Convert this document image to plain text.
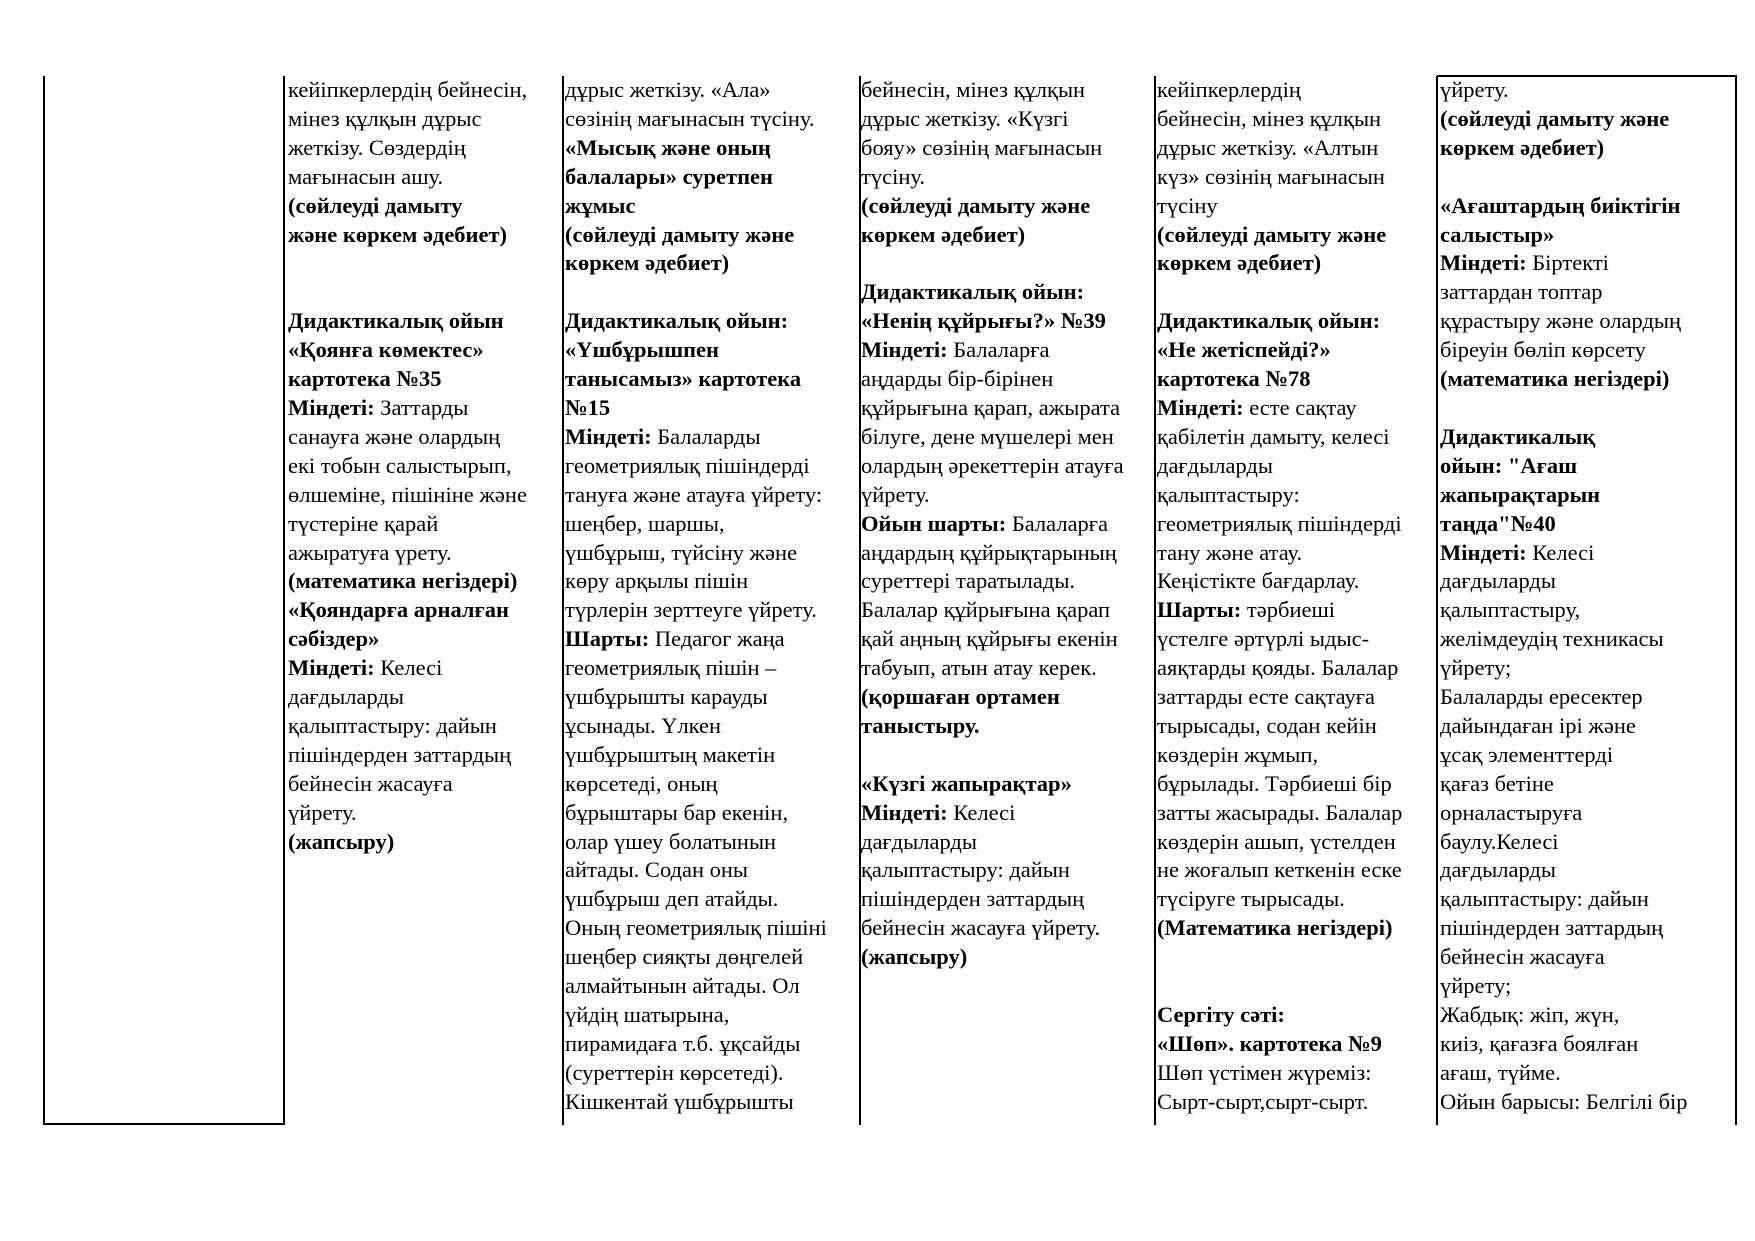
кейіпкерлердің бейнесін,
мінез құлқын дұрыс
жеткізу. Сөздердің
мағынасын ашу.
(сөйлеуді дамыту
және көркем әдебиет)

Дидактикалық ойын
«Қоянға көмектес»
картотека №35
Міндеті: Заттарды
санауға және олардың
екі тобын салыстырып,
өлшеміне, пішініне және
түстеріне қарай
ажыратуға үрету.
(математика негіздері)
«Қояндарға арналған
сәбіздер»
Міндеті: Келесі
дағдыларды
қалыптастыру: дайын
пішіндерден заттардың
бейнесін жасауға
үйрету.
(жапсыру)
дұрыс жеткізу. «Ала»
сөзінің мағынасын түсіну.
«Мысық және оның
балалары» суретпен
жұмыс
(сөйлеуді дамыту және
көркем әдебиет)

Дидактикалық ойын:
«Үшбұрышпен
танысамыз» картотека
№15
Міндеті: Балаларды
геометриялық пішіндерді
тануға және атауға үйрету:
шеңбер, шаршы,
үшбұрыш, түйсіну және
көру арқылы пішін
түрлерін зерттеуге үйрету.
Шарты: Педагог жаңа
геометриялық пішін –
үшбұрышты карауды
ұсынады. Үлкен
үшбұрыштың макетін
көрсетеді, оның
бұрыштары бар екенін,
олар үшеу болатынын
айтады. Содан оны
үшбұрыш деп атайды.
Оның геометриялық пішіні
шеңбер сияқты дөңгелей
алмайтынын айтады. Ол
үйдің шатырына,
пирамидаға т.б. ұқсайды
(суреттерін көрсетеді).
Кішкентай үшбұрышты
бейнесін, мінез құлқын
дұрыс жеткізу. «Күзгі
бояу» сөзінің мағынасын
түсіну.
(сөйлеуді дамыту және
көркем әдебиет)

Дидактикалық ойын:
«Ненің құйрығы?» №39
Міндеті: Балаларға
аңдарды бір-бірінен
құйрығына қарап, ажырата
білуге, дене мүшелері мен
олардың әрекеттерін атауға
үйрету.
Ойын шарты: Балаларға
аңдардың құйрықтарының
суреттері таратылады.
Балалар құйрығына қарап
қай аңның құйрығы екенін
табуып, атын атау керек.
(қоршаған ортамен
таныстыру.

«Күзгі жапырақтар»
Міндеті: Келесі
дағдыларды
қалыптастыру: дайын
пішіндерден заттардың
бейнесін жасауға үйрету.
(жапсыру)
кейіпкерлердің
бейнесін, мінез құлқын
дұрыс жеткізу. «Алтын
күз» сөзінің мағынасын
түсіну
(сөйлеуді дамыту және
көркем әдебиет)

Дидактикалық ойын:
«Не жетіспейді?»
картотека №78
Міндеті: есте сақтау
қабілетін дамыту, келесі
дағдыларды
қалыптастыру:
геометриялық пішіндерді
тану және атау.
Кеңістікте бағдарлау.
Шарты: тәрбиеші
үстелге әртүрлі ыдыс-
аяқтарды қояды. Балалар
заттарды есте сақтауға
тырысады, содан кейін
көздерін жұмып,
бұрылады. Тәрбиеші бір
затты жасырады. Балалар
көздерін ашып, үстелден
не жоғалып кеткенін еске
түсіруге тырысады.
(Математика негіздері)

Сергіту сәті:
«Шөп». картотека №9
Шөп үстімен жүреміз:
Сырт-сырт,сырт-сырт.
үйрету.
(сөйлеуді дамыту және
көркем әдебиет)

«Ағаштардың биіктігін
салыстыр»
Міндеті: Біртекті
заттардан топтар
құрастыру және олардың
біреуін бөліп көрсету
(математика негіздері)

Дидактикалық
ойын: "Ағаш
жапырақтарын
таңда"№40
Міндеті: Келесі
дағдыларды
қалыптастыру,
желімдеудің техникасы
үйрету;
Балаларды ересектер
дайындаған ірі және
ұсақ элементтерді
қағаз бетіне
орналастыруға
баулу.Келесі
дағдыларды
қалыптастыру: дайын
пішіндерден заттардың
бейнесін жасауға
үйрету;
Жабдық: жіп, жүн,
киіз, қағазға боялған
ағаш, түйме.
Ойын барысы: Белгілі бір
